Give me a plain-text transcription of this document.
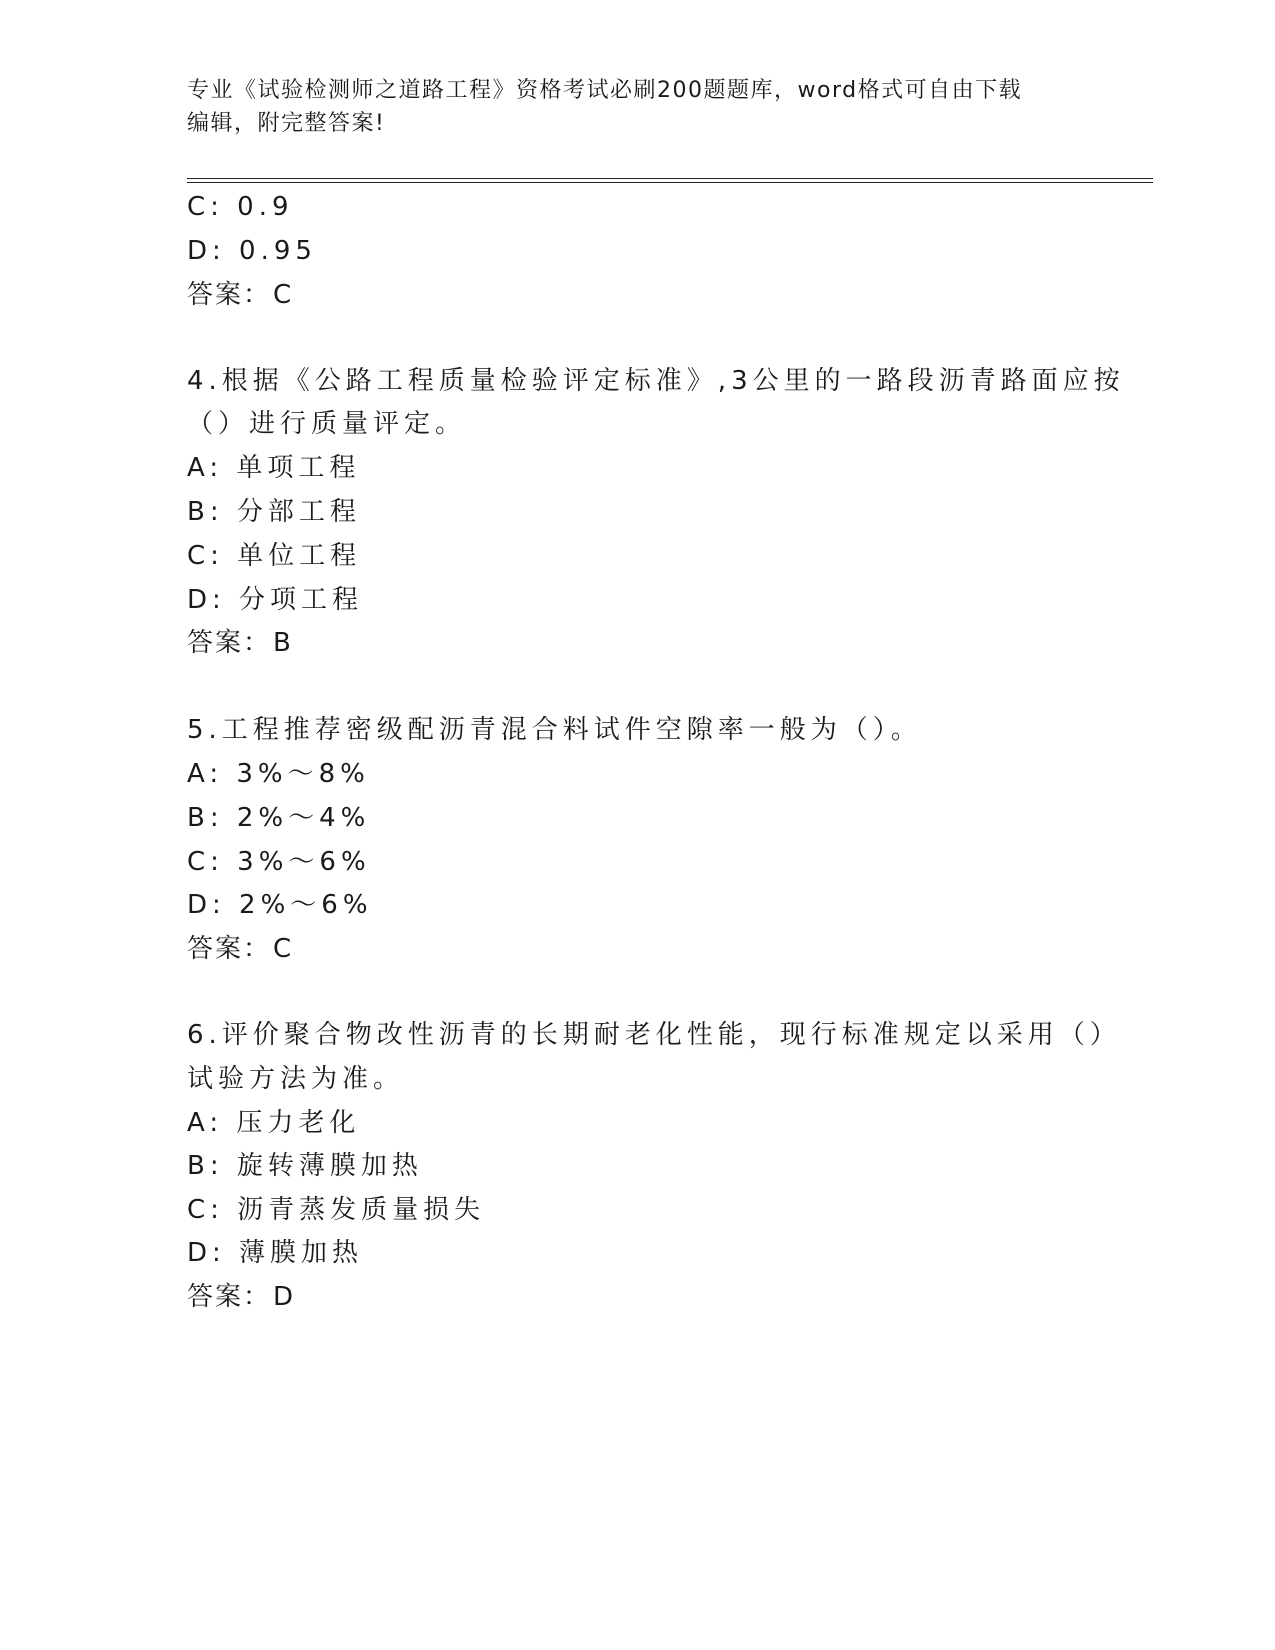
专业《试验检测师之道路工程》资格考试必刷200题题库，word格式可自由下载
编辑，附完整答案!
C: 0.9
D: 0.95
答案：C
4.根据《公路工程质量检验评定标准》,3公里的一路段沥青路面应按
（）进行质量评定。
A: 单项工程
B: 分部工程
C: 单位工程
D: 分项工程
答案：B
5.工程推荐密级配沥青混合料试件空隙率一般为（）。
A: 3%～8%
B: 2%～4%
C: 3%～6%
D: 2%～6%
答案：C
6.评价聚合物改性沥青的长期耐老化性能，现行标准规定以采用（）
试验方法为准。
A: 压力老化
B: 旋转薄膜加热
C: 沥青蒸发质量损失
D: 薄膜加热
答案：D
